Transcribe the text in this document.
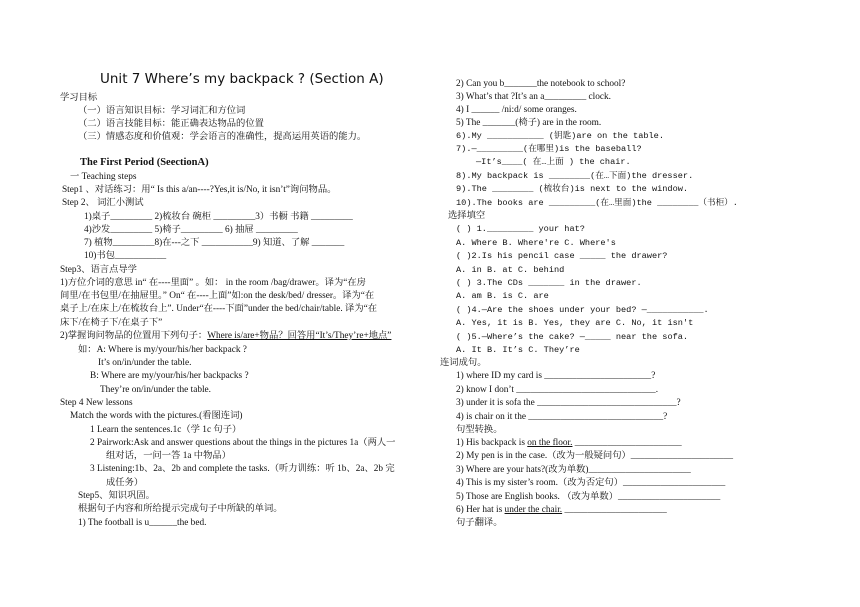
Unit 7 Where’s my backpack ? (Section A)
学习目标
（一）语言知识目标：学习词汇和方位词
（二）语言技能目标：能正确表达物品的位置
（三）情感态度和价值观：学会语言的准确性，提高运用英语的能力。
The First Period (SeectionA)
一 Teaching steps
Step1 、对话练习：用“ Is this a/an----?Yes,it is/No, it isn’t”询问物品。
Step 2、 词汇小测试
1)桌子_________ 2)梳妆台 碗柜 _________3）书橱 书籍 _________
4)沙发_________ 5)椅子_________ 6) 抽屉 _________
7) 植物_________8)在---之下 ___________9) 知道、了解 _______
10)书包___________
Step3、语言点导学
1)方位介词的意思 in“ 在----里面” 。如： in the room /bag/drawer。译为“在房
间里/在书包里/在抽屉里。” On“ 在----上面”如:on the desk/bed/ dresser。译为“在
桌子上/在床上/在梳妆台上”. Under“在----下面”under the bed/chair/table. 译为“在
床下/在椅子下/在桌子下”
2)掌握询问物品的位置用下列句子：Where is/are+物品？回答用“It’s/They’re+地点”
如：A: Where is my/your/his/her backpack ?
It’s on/in/under the table.
B: Where are my/your/his/her backpacks ?
They’re on/in/under the table.
Step 4 New lessons
Match the words with the pictures.(看图连词)
1 Learn the sentences.1c（学 1c 句子）
2 Pairwork:Ask and answer questions about the things in the pictures 1a（两人一
组对话，一问一答 1a 中物品）
3 Listening:1b、2a、2b and complete the tasks.（听力训练：听 1b、2a、2b 完
成任务）
Step5、知识巩固。
根据句子内容和所给提示完成句子中所缺的单词。
1) The football is u______the bed.
2) Can you b_______the notebook to school?
3) What’s that ?It’s an a_________ clock.
4) I ______ /ni:d/ some oranges.
5) The _______(椅子) are in the room.
6).My ___________ (钥匙)are on the table.
7).—_________(在哪里)is the baseball?
—It’s____( 在…上面 ) the chair.
8).My backpack is ________(在…下面)the dresser.
9).The ________ (梳妆台)is next to the window.
10).The books are _________(在…里面)the ________（书柜）.
选择填空
( ) 1._________ your hat?
A. Where B. Where're C. Where's
( )2.Is his pencil case _____ the drawer?
A. in B. at C. behind
( ) 3.The CDs _______ in the drawer.
A. am B. is C. are
( )4.—Are the shoes under your bed? —___________.
A. Yes, it is B. Yes, they are C. No, it isn't
( )5.—Where’s the cake? —_____ near the sofa.
A. It B. It’s C. They’re
连词成句。
1) where ID my card is _______________________?
2) know I don’t ______________________________.
3) under it is sofa the ______________________________?
4) is chair on it the _____________________________?
句型转换。
1) His backpack is on the floor. _______________________
2) My pen is in the case.（改为一般疑问句）______________________
3) Where are your hats?(改为单数)______________________
4) This is my sister’s room.（改为否定句）______________________
5) Those are English books. （改为单数）______________________
6) Her hat is under the chair. ______________________
句子翻译。
